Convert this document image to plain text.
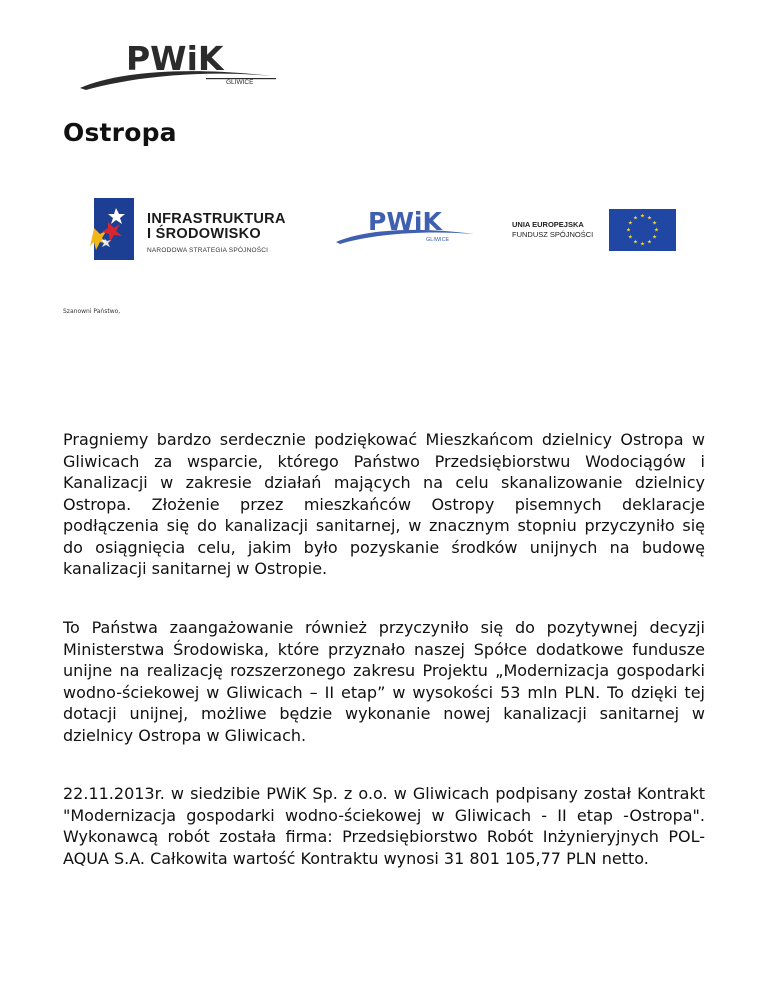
PWiK
GLIWICE
Ostropa
INFRASTRUKTURA
I ŚRODOWISKO
NARODOWA STRATEGIA SPÓJNOŚCI
PWiK
GLIWICE
UNIA EUROPEJSKA
FUNDUSZ SPÓJNOŚCI
★ ★
★
★
★
★
★
★
★
★
★
★
Szanowni Państwo,

Pragniemy bardzo serdecznie podziękować Mieszkańcom dzielnicy Ostropa w Gliwicach za wsparcie, którego Państwo Przedsiębiorstwu Wodociągów i Kanalizacji w zakresie działań mających na celu skanalizowanie dzielnicy Ostropa. Złożenie przez mieszkańców Ostropy pisemnych deklaracje podłączenia się do kanalizacji sanitarnej, w znacznym stopniu przyczyniło się do osiągnięcia celu, jakim było pozyskanie środków unijnych na budowę kanalizacji sanitarnej w Ostropie.

To Państwa zaangażowanie również przyczyniło się do pozytywnej decyzji Ministerstwa Środowiska, które przyznało naszej Spółce dodatkowe fundusze unijne na realizację rozszerzonego zakresu Projektu „Modernizacja gospodarki wodno-ściekowej w Gliwicach – II etap” w wysokości 53 mln PLN. To dzięki tej dotacji unijnej, możliwe będzie wykonanie nowej kanalizacji sanitarnej w dzielnicy Ostropa w Gliwicach.

22.11.2013r. w siedzibie PWiK Sp. z o.o. w Gliwicach podpisany został Kontrakt "Modernizacja gospodarki wodno-ściekowej w Gliwicach - II etap -Ostropa". Wykonawcą robót została firma: Przedsiębiorstwo Robót Inżynieryjnych POL-AQUA S.A. Całkowita wartość Kontraktu wynosi 31 801 105,77 PLN netto.
